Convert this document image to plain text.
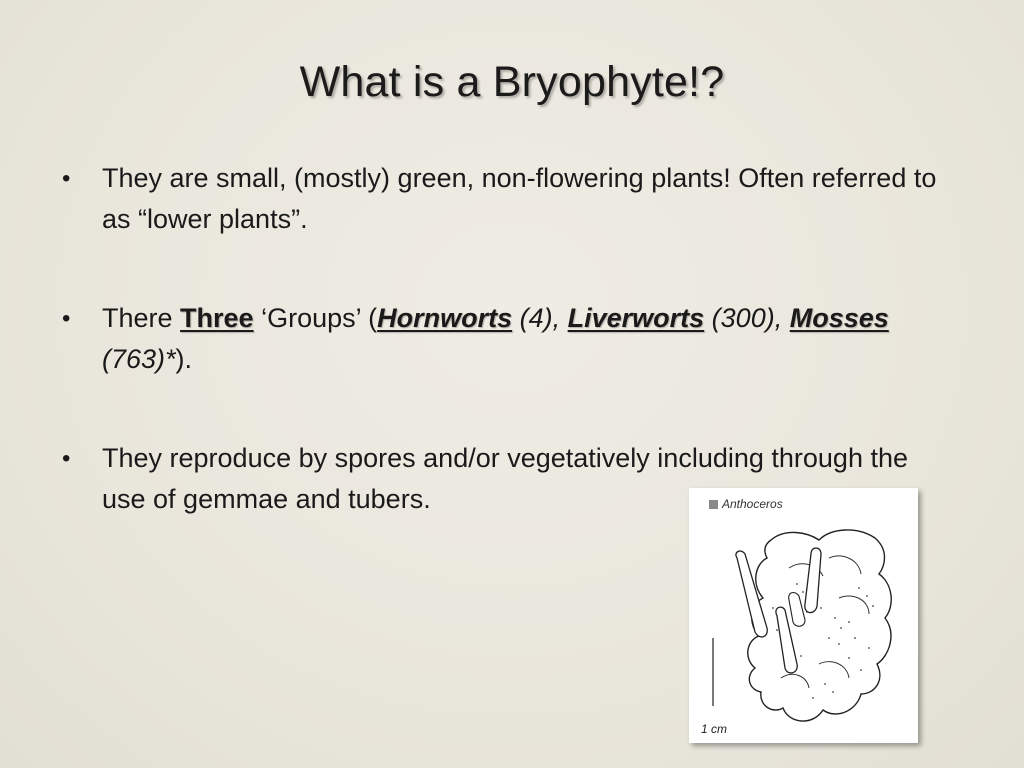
What is a Bryophyte!?
• They are small, (mostly) green, non-flowering plants! Often referred to as “lower plants”.
• There Three ‘Groups’ (Hornworts (4), Liverworts (300), Mosses (763)*).
• They reproduce by spores and/or vegetatively including through the use of gemmae and tubers.	Anthoceros
1 cm
